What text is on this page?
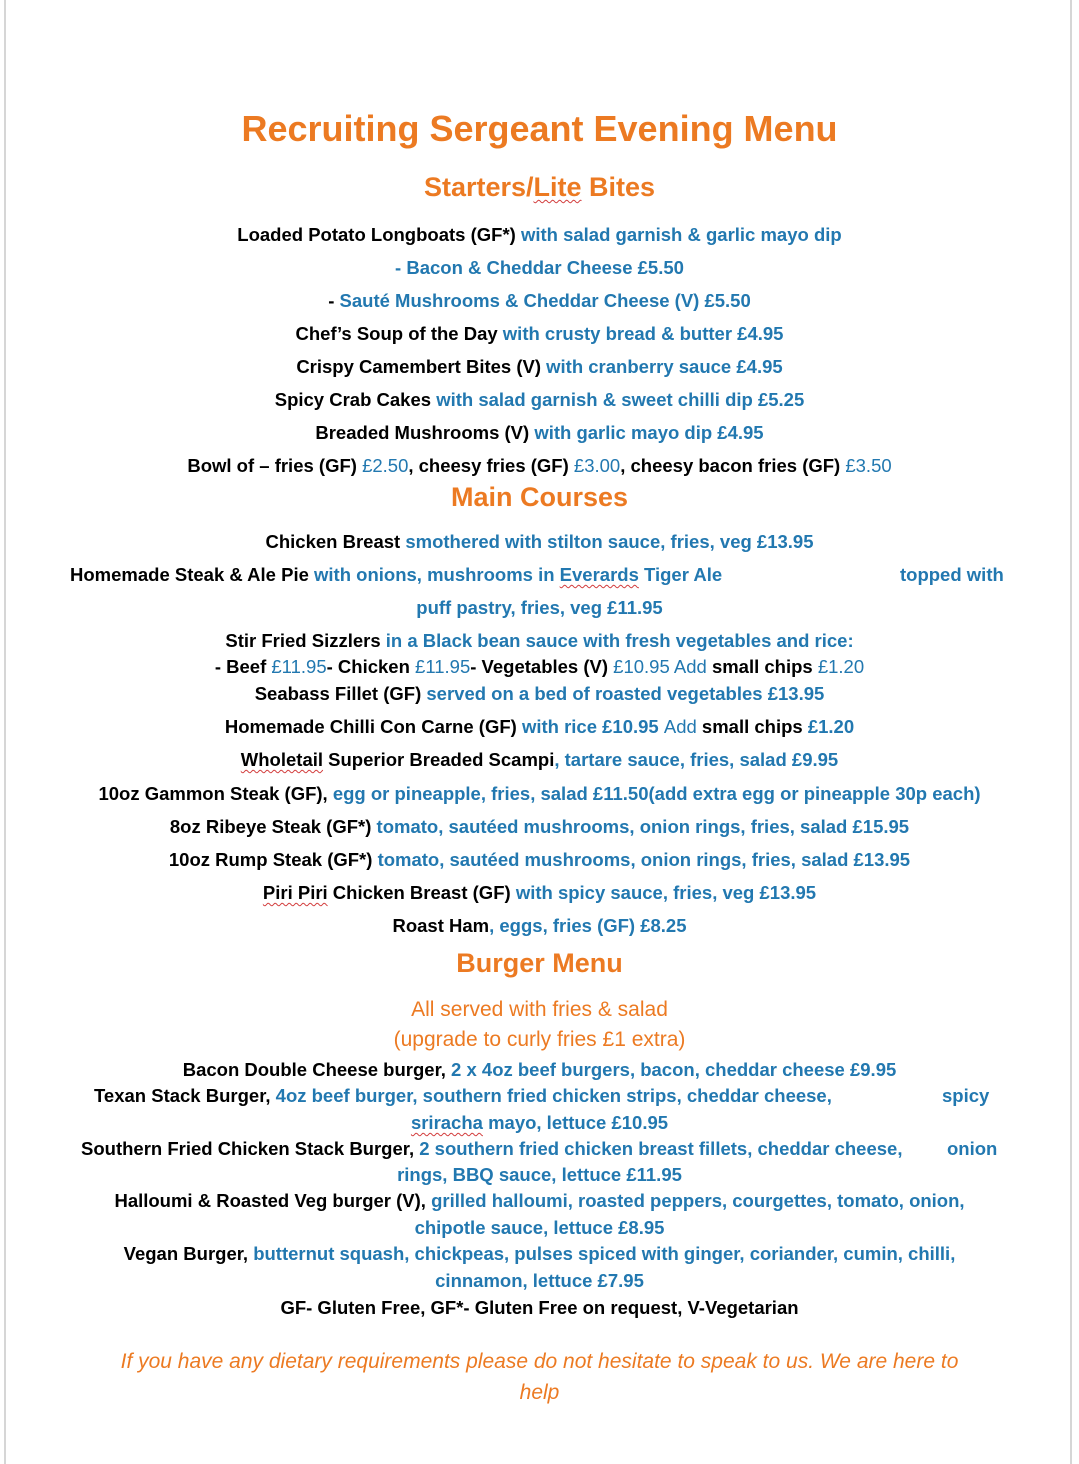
Recruiting Sergeant Evening Menu
Starters/Lite Bites
Loaded Potato Longboats (GF*) with salad garnish & garlic mayo dip
- Bacon & Cheddar Cheese £5.50
- Sauté Mushrooms & Cheddar Cheese (V) £5.50
Chef’s Soup of the Day with crusty bread & butter £4.95
Crispy Camembert Bites (V) with cranberry sauce £4.95
Spicy Crab Cakes with salad garnish & sweet chilli dip £5.25
Breaded Mushrooms (V) with garlic mayo dip £4.95
Bowl of – fries (GF) £2.50, cheesy fries (GF) £3.00, cheesy bacon fries (GF) £3.50
Main Courses
Chicken Breast smothered with stilton sauce, fries, veg £13.95
Homemade Steak & Ale Pie with onions, mushrooms in Everards Tiger Ale	topped with
puff pastry, fries, veg £11.95
Stir Fried Sizzlers in a Black bean sauce with fresh vegetables and rice:
- Beef £11.95- Chicken £11.95- Vegetables (V) £10.95 Add small chips £1.20
Seabass Fillet (GF) served on a bed of roasted vegetables £13.95
Homemade Chilli Con Carne (GF) with rice £10.95 Add small chips £1.20
Wholetail Superior Breaded Scampi, tartare sauce, fries, salad £9.95
10oz Gammon Steak (GF), egg or pineapple, fries, salad £11.50(add extra egg or pineapple 30p each)
8oz Ribeye Steak (GF*) tomato, sautéed mushrooms, onion rings, fries, salad £15.95
10oz Rump Steak (GF*) tomato, sautéed mushrooms, onion rings, fries, salad £13.95
Piri Piri Chicken Breast (GF) with spicy sauce, fries, veg £13.95
Roast Ham, eggs, fries (GF) £8.25
Burger Menu
All served with fries & salad
(upgrade to curly fries £1 extra)
Bacon Double Cheese burger, 2 x 4oz beef burgers, bacon, cheddar cheese £9.95
Texan Stack Burger, 4oz beef burger, southern fried chicken strips, cheddar cheese,	spicy
sriracha mayo, lettuce £10.95
Southern Fried Chicken Stack Burger, 2 southern fried chicken breast fillets, cheddar cheese, onion
rings, BBQ sauce, lettuce £11.95
Halloumi & Roasted Veg burger (V), grilled halloumi, roasted peppers, courgettes, tomato, onion,
chipotle sauce, lettuce £8.95
Vegan Burger, butternut squash, chickpeas, pulses spiced with ginger, coriander, cumin, chilli,
cinnamon, lettuce £7.95
GF- Gluten Free, GF*- Gluten Free on request, V-Vegetarian
If you have any dietary requirements please do not hesitate to speak to us. We are here to
help
